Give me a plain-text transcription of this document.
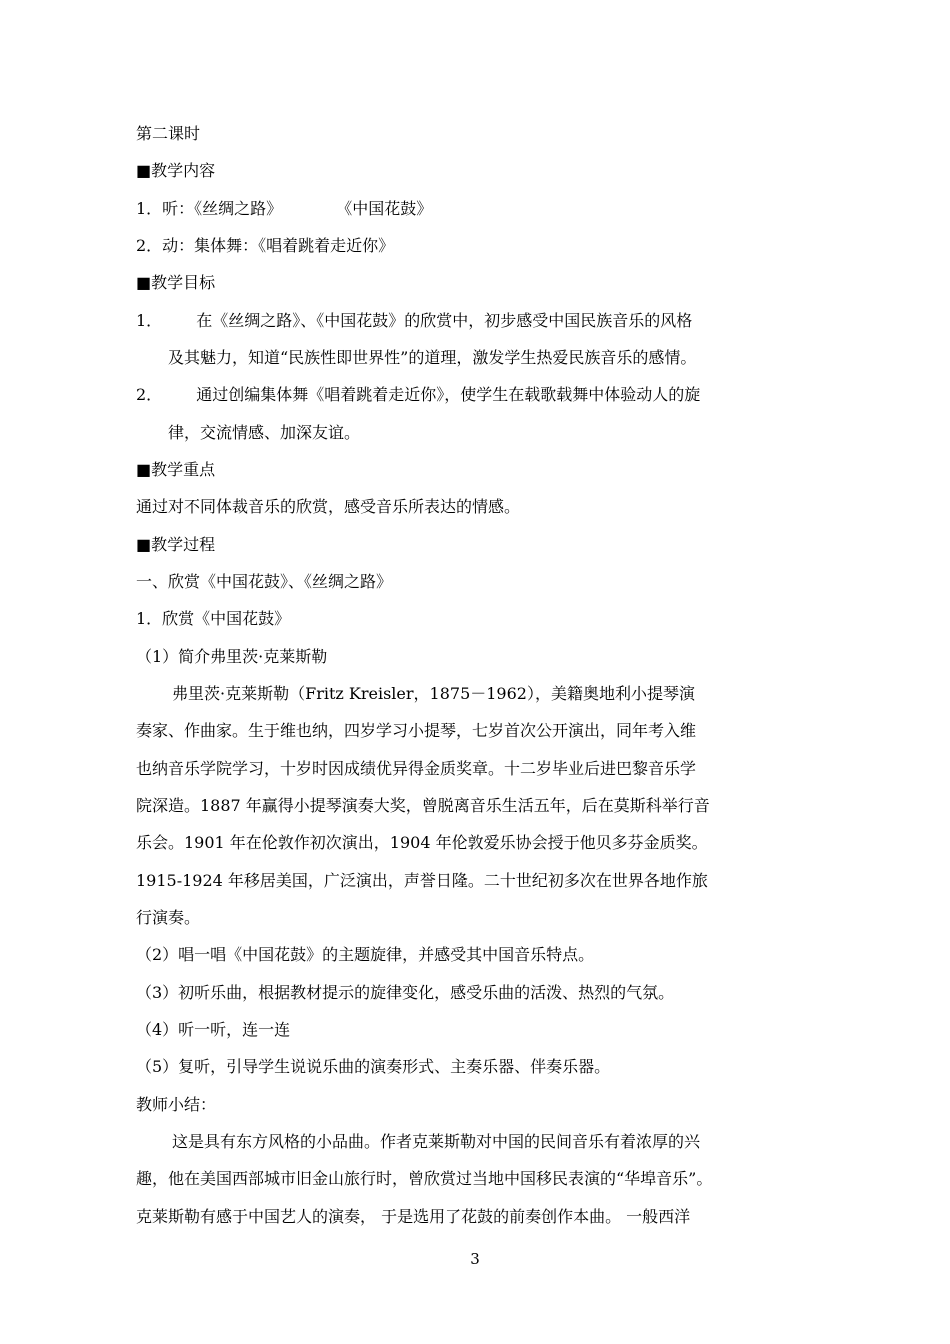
第二课时
■教学内容
1．听：《丝绸之路》	《中国花鼓》
2．动：集体舞：《唱着跳着走近你》
■教学目标
1． 在《丝绸之路》、《中国花鼓》的欣赏中，初步感受中国民族音乐的风格
及其魅力，知道“民族性即世界性”的道理，激发学生热爱民族音乐的感情。
2． 通过创编集体舞《唱着跳着走近你》，使学生在载歌载舞中体验动人的旋
律，交流情感、加深友谊。
■教学重点
通过对不同体裁音乐的欣赏，感受音乐所表达的情感。
■教学过程
一、欣赏《中国花鼓》、《丝绸之路》
1．欣赏《中国花鼓》
（1）简介弗里茨·克莱斯勒
弗里茨·克莱斯勒（Fritz Kreisler，1875－1962），美籍奥地利小提琴演
奏家、作曲家。生于维也纳，四岁学习小提琴，七岁首次公开演出，同年考入维
也纳音乐学院学习，十岁时因成绩优异得金质奖章。十二岁毕业后进巴黎音乐学
院深造。1887 年赢得小提琴演奏大奖，曾脱离音乐生活五年，后在莫斯科举行音
乐会。1901 年在伦敦作初次演出，1904 年伦敦爱乐协会授于他贝多芬金质奖。
1915-1924 年移居美国，广泛演出，声誉日隆。二十世纪初多次在世界各地作旅
行演奏。
（2）唱一唱《中国花鼓》的主题旋律，并感受其中国音乐特点。
（3）初听乐曲，根据教材提示的旋律变化，感受乐曲的活泼、热烈的气氛。
（4）听一听，连一连
（5）复听，引导学生说说乐曲的演奏形式、主奏乐器、伴奏乐器。
教师小结：
这是具有东方风格的小品曲。作者克莱斯勒对中国的民间音乐有着浓厚的兴
趣，他在美国西部城市旧金山旅行时，曾欣赏过当地中国移民表演的“华埠音乐”。
克莱斯勒有感于中国艺人的演奏， 于是选用了花鼓的前奏创作本曲。 一般西洋
3
